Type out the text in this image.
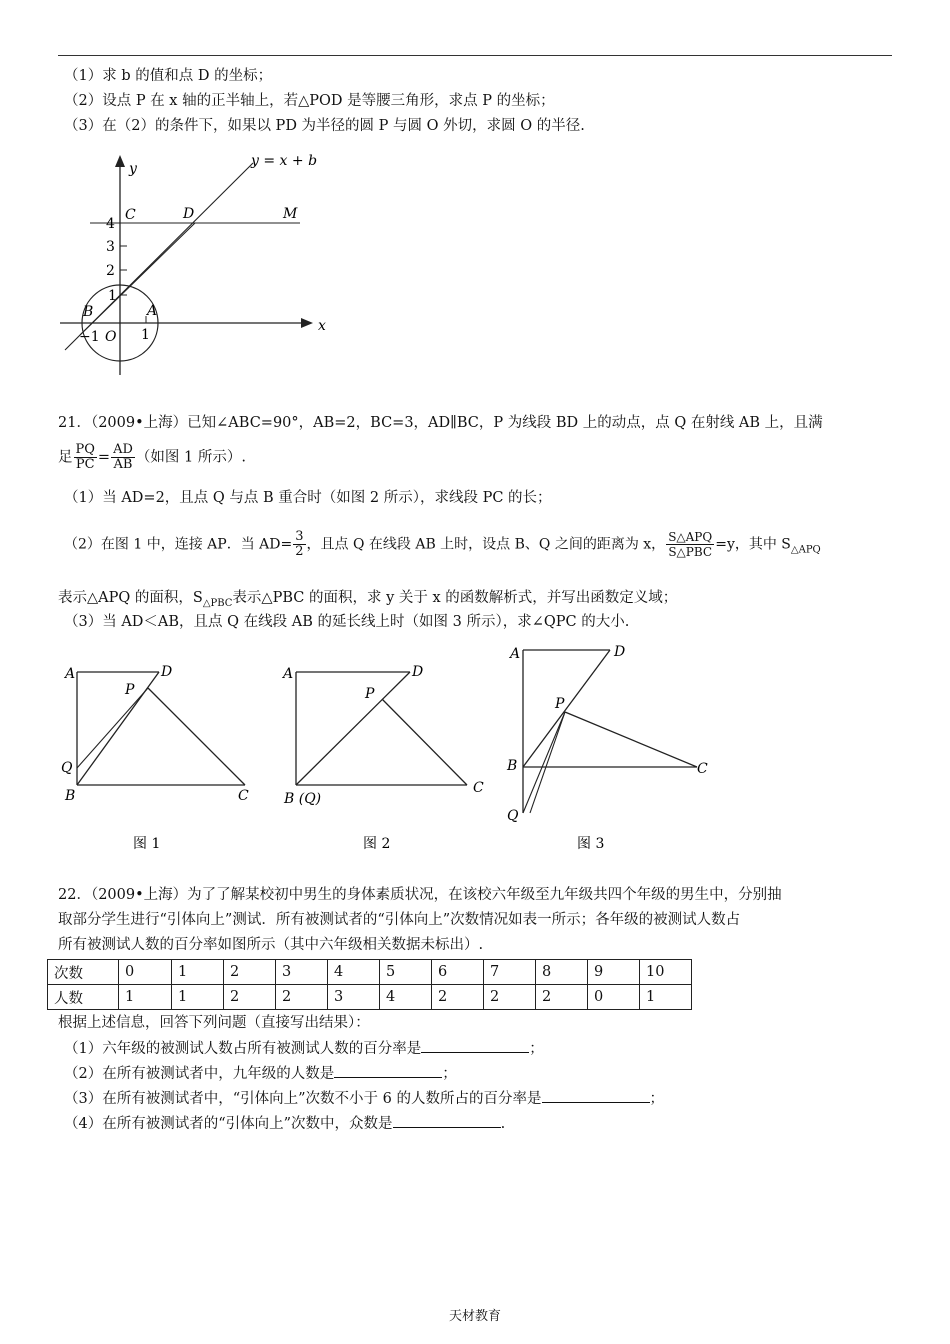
（1）求 b 的值和点 D 的坐标；
（2）设点 P 在 x 轴的正半轴上，若△POD 是等腰三角形，求点 P 的坐标；
（3）在（2）的条件下，如果以 PD 为半径的圆 P 与圆 O 外切，求圆 O 的半径.
y = x + b
y
x
C	D	M
4
3
2
1
B	A
O
−1	1
21．（2009•上海）已知∠ABC=90°，AB=2，BC=3，AD∥BC，P 为线段 BD 上的动点，点 Q 在射线 AB 上，且满
足 $\frac{PQ}{PC} = \frac{AD}{AB}$ （如图 1 所示）.
（1）当 AD=2，且点 Q 与点 B 重合时（如图 2 所示），求线段 PC 的长；
（2）在图 1 中，连接 AP．当 $AD= \frac{3}{2}$ ，且点 Q 在线段 AB 上时，设点 B、Q 之间的距离为 x， $\frac{\text{S△APQ}}{\text{S△PBC}} =y$，其中 $S_{\triangle APQ}$
表示△APQ 的面积，$S_{\triangle PBC}$表示△PBC 的面积，求 y 关于 x 的函数解析式，并写出函数定义域；
（3）当 AD＜AB，且点 Q 在线段 AB 的延长线上时（如图 3 所示），求∠QPC 的大小.
A	D
P
Q
B	C
图 1
A	D
P
B (Q)
C
图 2
A	D
P
B	C
Q
图 3
22．（2009•上海）为了了解某校初中男生的身体素质状况，在该校六年级至九年级共四个年级的男生中，分别抽
取部分学生进行“引体向上”测试．所有被测试者的“引体向上”次数情况如表一所示；各年级的被测试人数占
所有被测试人数的百分率如图所示（其中六年级相关数据未标出）.
次数	0	1	2	3	4	5	6	7	8	9	10
人数	1	1	2	2	3	4	2	2	2	0	1
根据上述信息，回答下列问题（直接写出结果）：
（1）六年级的被测试人数占所有被测试人数的百分率是	；
（2）在所有被测试者中，九年级的人数是	；
（3）在所有被测试者中，“引体向上”次数不小于 6 的人数所占的百分率是	；
（4）在所有被测试者的“引体向上”次数中，众数是	.
天材教育
